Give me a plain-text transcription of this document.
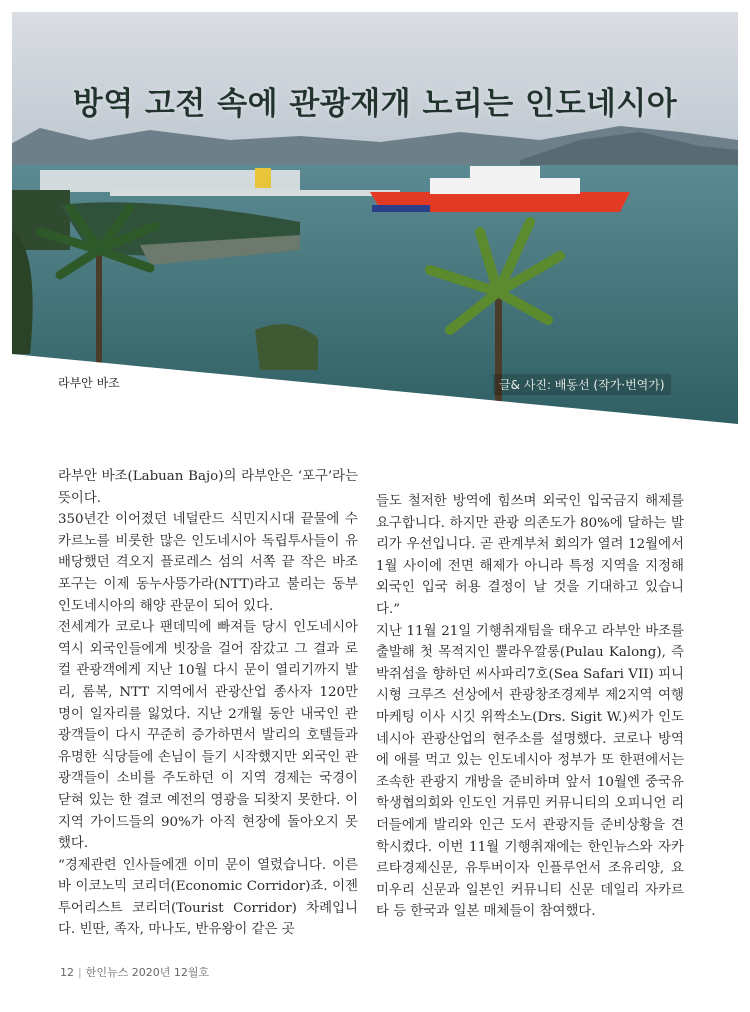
방역 고전 속에 관광재개 노리는 인도네시아
라부안 바조	글& 사진: 배동선 (작가·번역가)

라부안 바조(Labuan Bajo)의 라부안은 ‘포구’라는 뜻이다.

350년간 이어졌던 네덜란드 식민지시대 끝물에 수카르노를 비롯한 많은 인도네시아 독립투사들이 유배당했던 격오지 플로레스 섬의 서쪽 끝 작은 바조 포구는 이제 동누사뜽가라(NTT)라고 불리는 동부 인도네시아의 해양 관문이 되어 있다.

전세계가 코로나 팬데믹에 빠져들 당시 인도네시아 역시 외국인들에게 빗장을 걸어 잠갔고 그 결과 로컬 관광객에게 지난 10월 다시 문이 열리기까지 발리, 롬복, NTT 지역에서 관광산업 종사자 120만 명이 일자리를 잃었다. 지난 2개월 동안 내국인 관광객들이 다시 꾸준히 증가하면서 발리의 호텔들과 유명한 식당들에 손님이 들기 시작했지만 외국인 관광객들이 소비를 주도하던 이 지역 경제는 국경이 닫혀 있는 한 결코 예전의 영광을 되찾지 못한다. 이 지역 가이드들의 90%가 아직 현장에 돌아오지 못했다.

“경제관련 인사들에겐 이미 문이 열렸습니다. 이른바 이코노믹 코리더(Economic Corridor)죠. 이젠 투어리스트 코리더(Tourist Corridor) 차례입니다. 빈딴, 족자, 마나도, 반유왕이 같은 곳

들도 철저한 방역에 힘쓰며 외국인 입국금지 해제를 요구합니다. 하지만 관광 의존도가 80%에 달하는 발리가 우선입니다. 곧 관계부처 회의가 열려 12월에서 1월 사이에 전면 해제가 아니라 특정 지역을 지정해 외국인 입국 허용 결정이 날 것을 기대하고 있습니다.”

지난 11월 21일 기행취재팀을 태우고 라부안 바조를 출발해 첫 목적지인 뿔라우깔롱(Pulau Kalong), 즉 박쥐섬을 향하던 씨사파리7호(Sea Safari VII) 피니시형 크루즈 선상에서 관광창조경제부 제2지역 여행마케팅 이사 시깃 위짝소노(Drs. Sigit W.)씨가 인도네시아 관광산업의 현주소를 설명했다. 코로나 방역에 애를 먹고 있는 인도네시아 정부가 또 한편에서는 조속한 관광지 개방을 준비하며 앞서 10월엔 중국유학생협의회와 인도인 거류민 커뮤니티의 오피니언 리더들에게 발리와 인근 도서 관광지들 준비상황을 견학시켰다. 이번 11월 기행취재에는 한인뉴스와 자카르타경제신문, 유투버이자 인플루언서 조유리양, 요미우리 신문과 일본인 커뮤니티 신문 데일리 자카르타 등 한국과 일본 매체들이 참여했다.

12 | 한인뉴스 2020년 12월호
